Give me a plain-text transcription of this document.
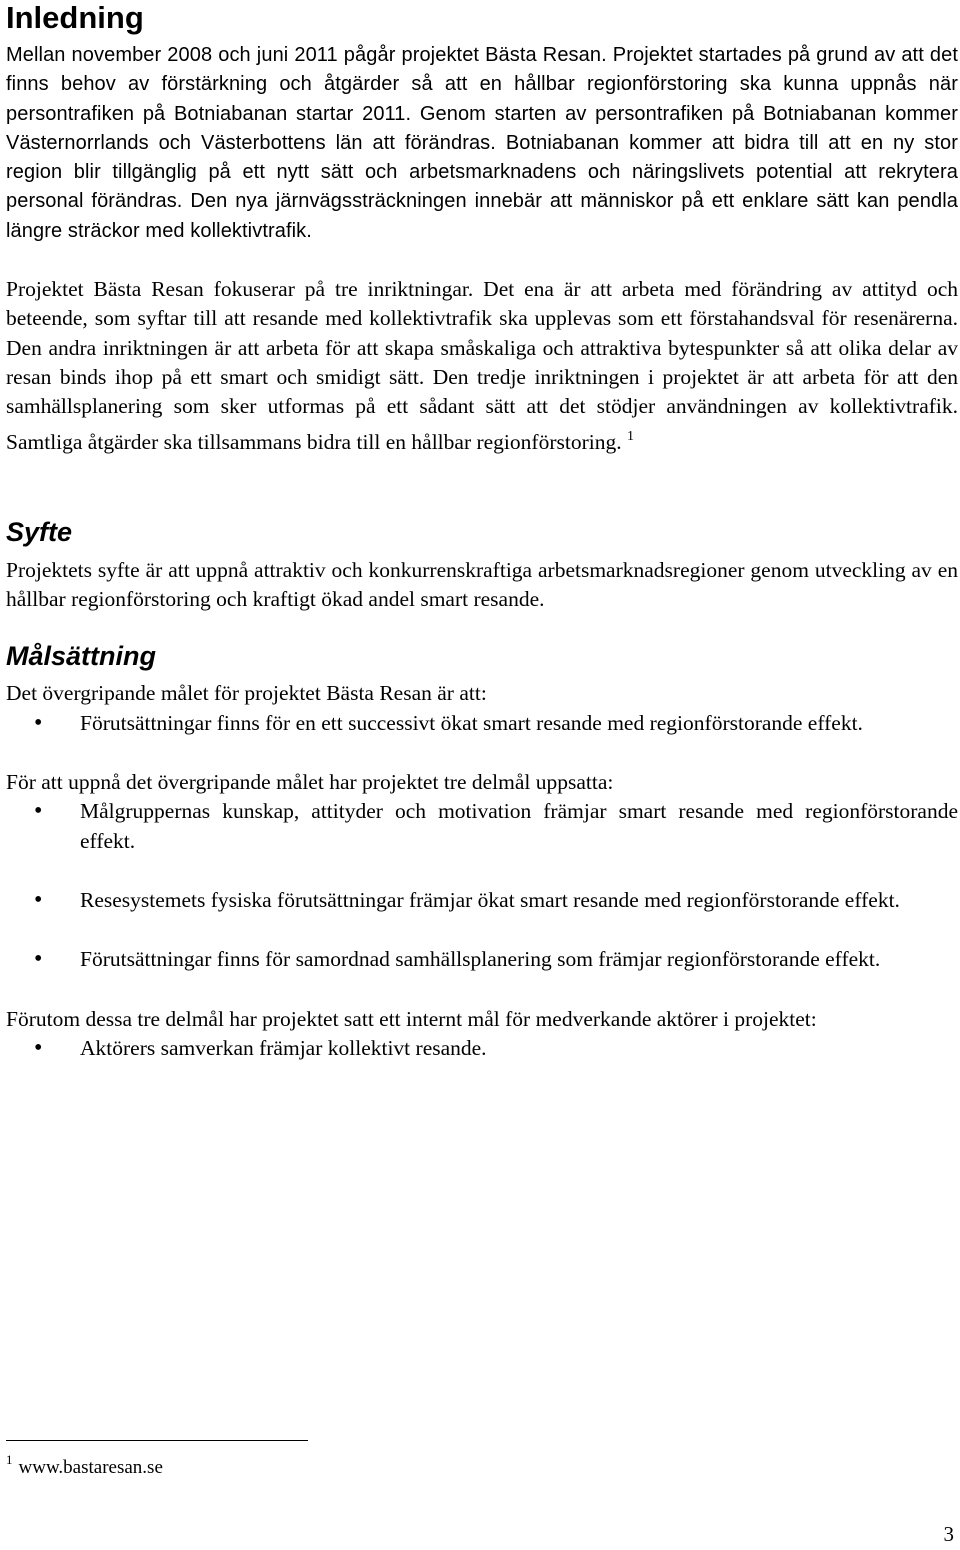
Inledning

Mellan november 2008 och juni 2011 pågår projektet Bästa Resan. Projektet startades på grund av att det finns behov av förstärkning och åtgärder så att en hållbar regionförstoring ska kunna uppnås när persontrafiken på Botniabanan startar 2011. Genom starten av persontrafiken på Botniabanan kommer Västernorrlands och Västerbottens län att förändras. Botniabanan kommer att bidra till att en ny stor region blir tillgänglig på ett nytt sätt och arbetsmarknadens och näringslivets potential att rekrytera personal förändras. Den nya järnvägssträckningen innebär att människor på ett enklare sätt kan pendla längre sträckor med kollektivtrafik.

Projektet Bästa Resan fokuserar på tre inriktningar. Det ena är att arbeta med förändring av attityd och beteende, som syftar till att resande med kollektivtrafik ska upplevas som ett förstahandsval för resenärerna. Den andra inriktningen är att arbeta för att skapa småskaliga och attraktiva bytespunkter så att olika delar av resan binds ihop på ett smart och smidigt sätt. Den tredje inriktningen i projektet är att arbeta för att den samhällsplanering som sker utformas på ett sådant sätt att det stödjer användningen av kollektivtrafik. Samtliga åtgärder ska tillsammans bidra till en hållbar regionförstoring. $^1$

Syfte

Projektets syfte är att uppnå attraktiv och konkurrenskraftiga arbetsmarknadsregioner genom utveckling av en hållbar regionförstoring och kraftigt ökad andel smart resande.

Målsättning

Det övergripande målet för projektet Bästa Resan är att:

• Förutsättningar finns för en ett successivt ökat smart resande med regionförstorande effekt.

För att uppnå det övergripande målet har projektet tre delmål uppsatta:

• Målgruppernas kunskap, attityder och motivation främjar smart resande med regionförstorande effekt.
• Resesystemets fysiska förutsättningar främjar ökat smart resande med regionförstorande effekt.
• Förutsättningar finns för samordnad samhällsplanering som främjar regionförstorande effekt.

Förutom dessa tre delmål har projektet satt ett internt mål för medverkande aktörer i projektet:

• Aktörers samverkan främjar kollektivt resande.
$^1$ www.bastaresan.se
3
